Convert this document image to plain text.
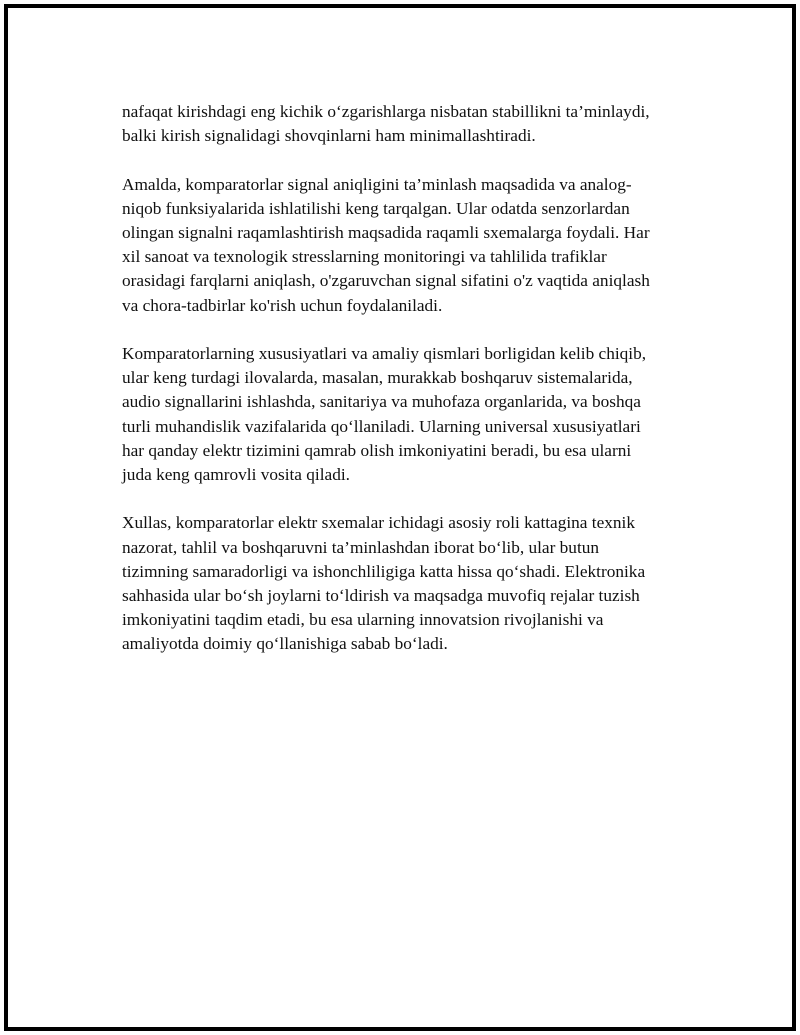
nafaqat kirishdagi eng kichik o‘zgarishlarga nisbatan stabillikni ta’minlaydi,
balki kirish signalidagi shovqinlarni ham minimallashtiradi.

Amalda, komparatorlar signal aniqligini ta’minlash maqsadida va analog-
niqob funksiyalarida ishlatilishi keng tarqalgan. Ular odatda senzorlardan
olingan signalni raqamlashtirish maqsadida raqamli sxemalarga foydali. Har
xil sanoat va texnologik stresslarning monitoringi va tahlilida trafiklar
orasidagi farqlarni aniqlash, o'zgaruvchan signal sifatini o'z vaqtida aniqlash
va chora-tadbirlar ko'rish uchun foydalaniladi.

Komparatorlarning xususiyatlari va amaliy qismlari borligidan kelib chiqib,
ular keng turdagi ilovalarda, masalan, murakkab boshqaruv sistemalarida,
audio signallarini ishlashda, sanitariya va muhofaza organlarida, va boshqa
turli muhandislik vazifalarida qo‘llaniladi. Ularning universal xususiyatlari
har qanday elektr tizimini qamrab olish imkoniyatini beradi, bu esa ularni
juda keng qamrovli vosita qiladi.

Xullas, komparatorlar elektr sxemalar ichidagi asosiy roli kattagina texnik
nazorat, tahlil va boshqaruvni ta’minlashdan iborat bo‘lib, ular butun
tizimning samaradorligi va ishonchliligiga katta hissa qo‘shadi. Elektronika
sahhasida ular bo‘sh joylarni to‘ldirish va maqsadga muvofiq rejalar tuzish
imkoniyatini taqdim etadi, bu esa ularning innovatsion rivojlanishi va
amaliyotda doimiy qo‘llanishiga sabab bo‘ladi.
